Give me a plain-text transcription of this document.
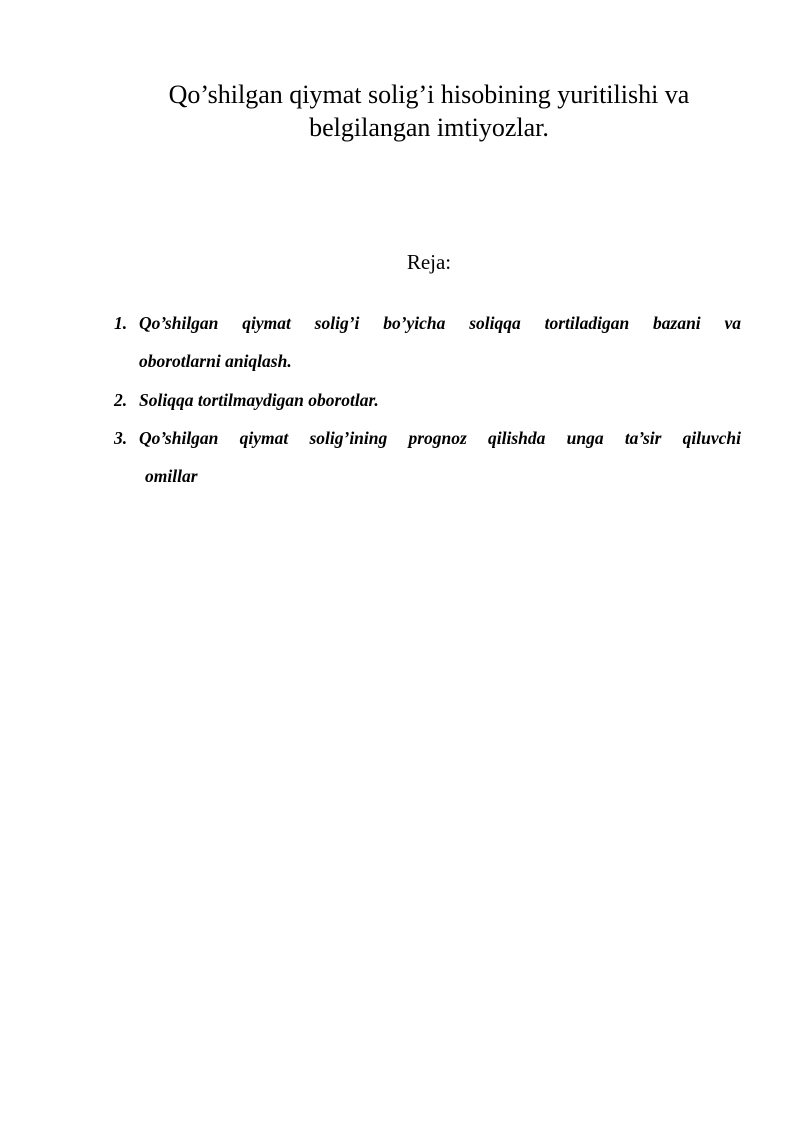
Qo’shilgan qiymat solig’i hisobining yuritilishi va
belgilangan imtiyozlar.

Reja:

1. Qo’shilgan qiymat solig’i bo’yicha soliqqa tortiladigan bazani va
oborotlarni aniqlash.
2. Soliqqa tortilmaydigan oborotlar.
3. Qo’shilgan qiymat solig’ining prognoz qilishda unga ta’sir qiluvchi
omillar
